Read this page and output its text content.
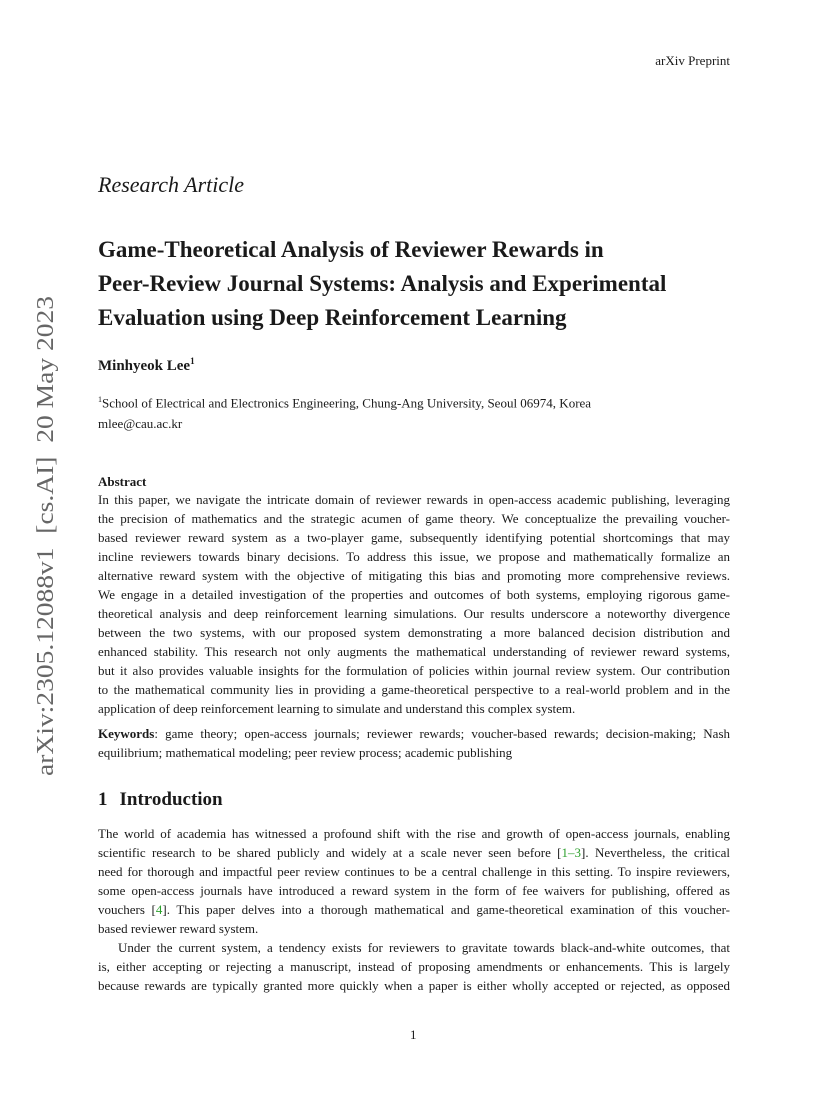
arXiv Preprint
arXiv:2305.12088v1  [cs.AI]  20 May 2023
Research Article
Game-Theoretical Analysis of Reviewer Rewards in
Peer-Review Journal Systems: Analysis and Experimental
Evaluation using Deep Reinforcement Learning
Minhyeok Lee$^1$
$^1$School of Electrical and Electronics Engineering, Chung-Ang University, Seoul 06974, Korea
mlee@cau.ac.kr
Abstract
In this paper, we navigate the intricate domain of reviewer rewards in open-access academic publishing, leveraging
the precision of mathematics and the strategic acumen of game theory. We conceptualize the prevailing voucher-
based reviewer reward system as a two-player game, subsequently identifying potential shortcomings that may
incline reviewers towards binary decisions. To address this issue, we propose and mathematically formalize an
alternative reward system with the objective of mitigating this bias and promoting more comprehensive reviews.
We engage in a detailed investigation of the properties and outcomes of both systems, employing rigorous game-
theoretical analysis and deep reinforcement learning simulations. Our results underscore a noteworthy divergence
between the two systems, with our proposed system demonstrating a more balanced decision distribution and
enhanced stability. This research not only augments the mathematical understanding of reviewer reward systems,
but it also provides valuable insights for the formulation of policies within journal review system. Our contribution
to the mathematical community lies in providing a game-theoretical perspective to a real-world problem and in the
application of deep reinforcement learning to simulate and understand this complex system.
Keywords: game theory; open-access journals; reviewer rewards; voucher-based rewards; decision-making; Nash
equilibrium; mathematical modeling; peer review process; academic publishing
1 Introduction
The world of academia has witnessed a profound shift with the rise and growth of open-access journals, enabling
scientific research to be shared publicly and widely at a scale never seen before [1–3]. Nevertheless, the critical
need for thorough and impactful peer review continues to be a central challenge in this setting. To inspire reviewers,
some open-access journals have introduced a reward system in the form of fee waivers for publishing, offered as
vouchers [4]. This paper delves into a thorough mathematical and game-theoretical examination of this voucher-
based reviewer reward system.
Under the current system, a tendency exists for reviewers to gravitate towards black-and-white outcomes, that
is, either accepting or rejecting a manuscript, instead of proposing amendments or enhancements. This is largely
because rewards are typically granted more quickly when a paper is either wholly accepted or rejected, as opposed
1
